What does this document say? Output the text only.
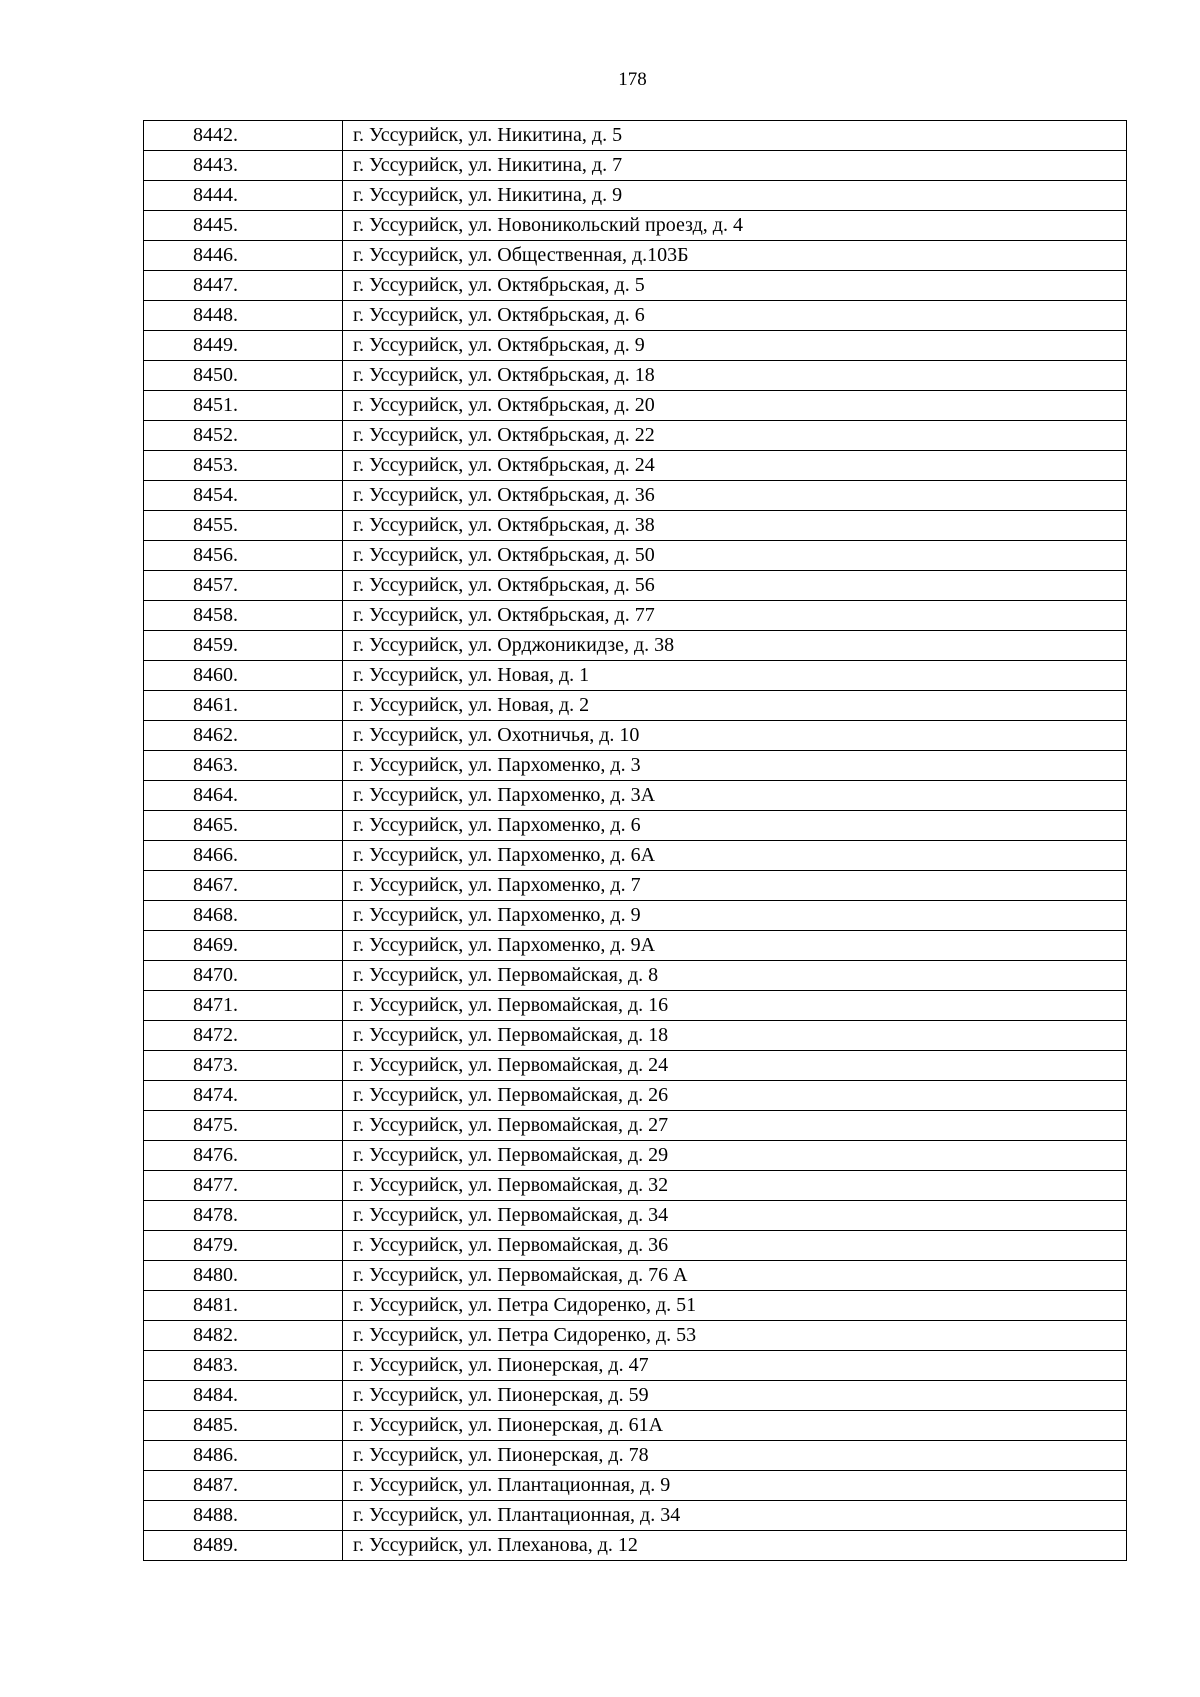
178
8442.	г. Уссурийск, ул. Никитина, д. 5
8443.	г. Уссурийск, ул. Никитина, д. 7
8444.	г. Уссурийск, ул. Никитина, д. 9
8445.	г. Уссурийск, ул. Новоникольский проезд, д. 4
8446.	г. Уссурийск, ул. Общественная, д.103Б
8447.	г. Уссурийск, ул. Октябрьская, д. 5
8448.	г. Уссурийск, ул. Октябрьская, д. 6
8449.	г. Уссурийск, ул. Октябрьская, д. 9
8450.	г. Уссурийск, ул. Октябрьская, д. 18
8451.	г. Уссурийск, ул. Октябрьская, д. 20
8452.	г. Уссурийск, ул. Октябрьская, д. 22
8453.	г. Уссурийск, ул. Октябрьская, д. 24
8454.	г. Уссурийск, ул. Октябрьская, д. 36
8455.	г. Уссурийск, ул. Октябрьская, д. 38
8456.	г. Уссурийск, ул. Октябрьская, д. 50
8457.	г. Уссурийск, ул. Октябрьская, д. 56
8458.	г. Уссурийск, ул. Октябрьская, д. 77
8459.	г. Уссурийск, ул. Орджоникидзе, д. 38
8460.	г. Уссурийск, ул. Новая, д. 1
8461.	г. Уссурийск, ул. Новая, д. 2
8462.	г. Уссурийск, ул. Охотничья, д. 10
8463.	г. Уссурийск, ул. Пархоменко, д. 3
8464.	г. Уссурийск, ул. Пархоменко, д. 3А
8465.	г. Уссурийск, ул. Пархоменко, д. 6
8466.	г. Уссурийск, ул. Пархоменко, д. 6А
8467.	г. Уссурийск, ул. Пархоменко, д. 7
8468.	г. Уссурийск, ул. Пархоменко, д. 9
8469.	г. Уссурийск, ул. Пархоменко, д. 9А
8470.	г. Уссурийск, ул. Первомайская, д. 8
8471.	г. Уссурийск, ул. Первомайская, д. 16
8472.	г. Уссурийск, ул. Первомайская, д. 18
8473.	г. Уссурийск, ул. Первомайская, д. 24
8474.	г. Уссурийск, ул. Первомайская, д. 26
8475.	г. Уссурийск, ул. Первомайская, д. 27
8476.	г. Уссурийск, ул. Первомайская, д. 29
8477.	г. Уссурийск, ул. Первомайская, д. 32
8478.	г. Уссурийск, ул. Первомайская, д. 34
8479.	г. Уссурийск, ул. Первомайская, д. 36
8480.	г. Уссурийск, ул. Первомайская, д. 76 А
8481.	г. Уссурийск, ул. Петра Сидоренко, д. 51
8482.	г. Уссурийск, ул. Петра Сидоренко, д. 53
8483.	г. Уссурийск, ул. Пионерская, д. 47
8484.	г. Уссурийск, ул. Пионерская, д. 59
8485.	г. Уссурийск, ул. Пионерская, д. 61А
8486.	г. Уссурийск, ул. Пионерская, д. 78
8487.	г. Уссурийск, ул. Плантационная, д. 9
8488.	г. Уссурийск, ул. Плантационная, д. 34
8489.	г. Уссурийск, ул. Плеханова, д. 12
